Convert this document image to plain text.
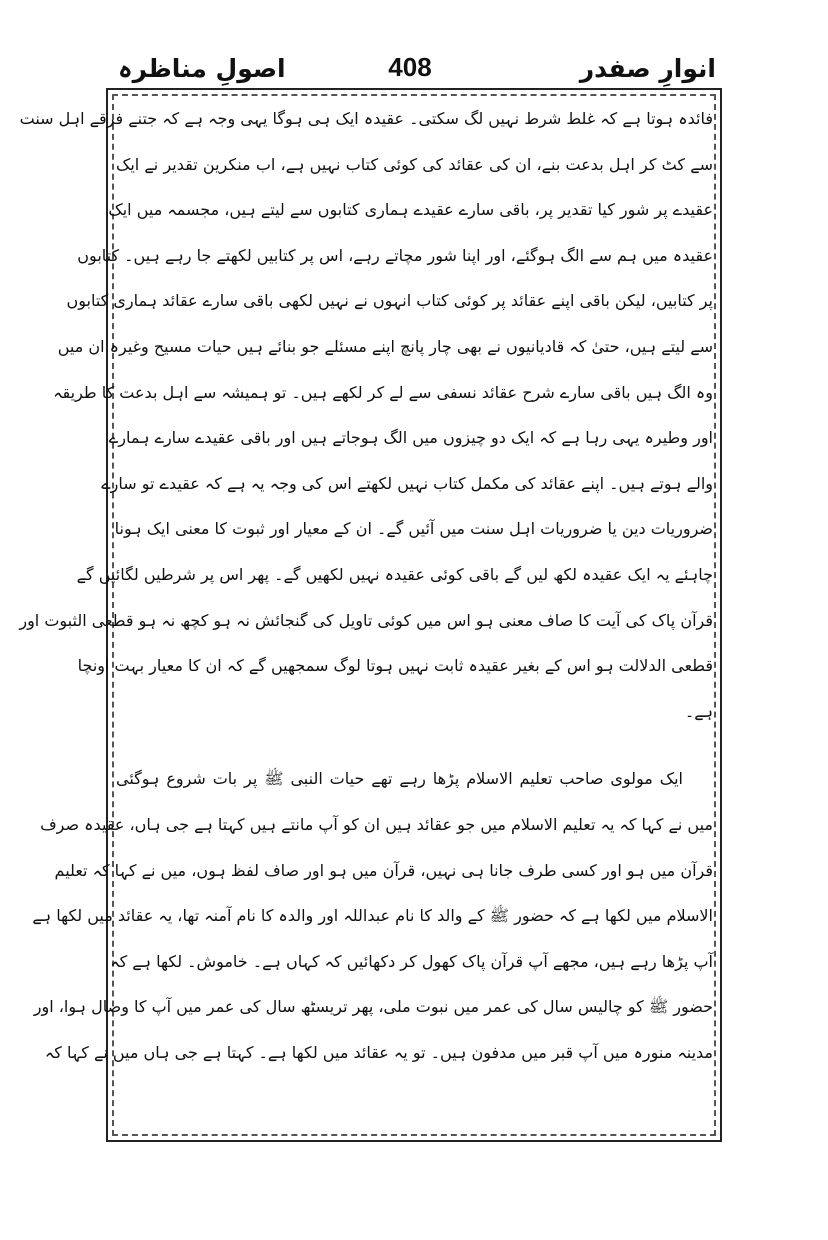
انوارِ صفدر
408
اصولِ مناظرہ
فائدہ ہوتا ہے کہ غلط شرط نہیں لگ سکتی۔ عقیدہ ایک ہی ہوگا یہی وجہ ہے کہ جتنے فرقے اہل سنت
سے کٹ کر اہل بدعت بنے، ان کی عقائد کی کوئی کتاب نہیں ہے، اب منکرین تقدیر نے ایک
عقیدے پر شور کیا تقدیر پر، باقی سارے عقیدے ہماری کتابوں سے لیتے ہیں، مجسمہ میں ایک
عقیدہ میں ہم سے الگ ہوگئے، اور اپنا شور مچاتے رہے، اس پر کتابیں لکھتے جا رہے ہیں۔ کتابوں
پر کتابیں، لیکن باقی اپنے عقائد پر کوئی کتاب انہوں نے نہیں لکھی باقی سارے عقائد ہماری کتابوں
سے لیتے ہیں، حتیٰ کہ قادیانیوں نے بھی چار پانچ اپنے مسئلے جو بنائے ہیں حیات مسیح وغیرہ ان میں
وہ الگ ہیں باقی سارے شرح عقائد نسفی سے لے کر لکھے ہیں۔ تو ہمیشہ سے اہل بدعت کا طریقہ
اور وطیرہ یہی رہا ہے کہ ایک دو چیزوں میں الگ ہوجاتے ہیں اور باقی عقیدے سارے ہمارے
والے ہوتے ہیں۔ اپنے عقائد کی مکمل کتاب نہیں لکھتے اس کی وجہ یہ ہے کہ عقیدے تو سارے
ضروریات دین یا ضروریات اہل سنت میں آئیں گے۔ ان کے معیار اور ثبوت کا معنی ایک ہونا
چاہئے یہ ایک عقیدہ لکھ لیں گے باقی کوئی عقیدہ نہیں لکھیں گے۔ پھر اس پر شرطیں لگائیں گے
قرآن پاک کی آیت کا صاف معنی ہو اس میں کوئی تاویل کی گنجائش نہ ہو کچھ نہ ہو قطعی الثبوت اور
قطعی الدلالت ہو اس کے بغیر عقیدہ ثابت نہیں ہوتا لوگ سمجھیں گے کہ ان کا معیار بہت اونچا
ہے۔
ایک مولوی صاحب تعلیم الاسلام پڑھا رہے تھے حیات النبی ﷺ پر بات شروع ہوگئی
میں نے کہا کہ یہ تعلیم الاسلام میں جو عقائد ہیں ان کو آپ مانتے ہیں کہتا ہے جی ہاں، عقیدہ صرف
قرآن میں ہو اور کسی طرف جانا ہی نہیں، قرآن میں ہو اور صاف لفظ ہوں، میں نے کہا کہ تعلیم
الاسلام میں لکھا ہے کہ حضور ﷺ کے والد کا نام عبداللہ اور والدہ کا نام آمنہ تھا، یہ عقائد میں لکھا ہے
آپ پڑھا رہے ہیں، مجھے آپ قرآن پاک کھول کر دکھائیں کہ کہاں ہے۔ خاموش۔ لکھا ہے کہ
حضور ﷺ کو چالیس سال کی عمر میں نبوت ملی، پھر تریسٹھ سال کی عمر میں آپ کا وصال ہوا، اور
مدینہ منورہ میں آپ قبر میں مدفون ہیں۔ تو یہ عقائد میں لکھا ہے۔ کہتا ہے جی ہاں میں نے کہا کہ
